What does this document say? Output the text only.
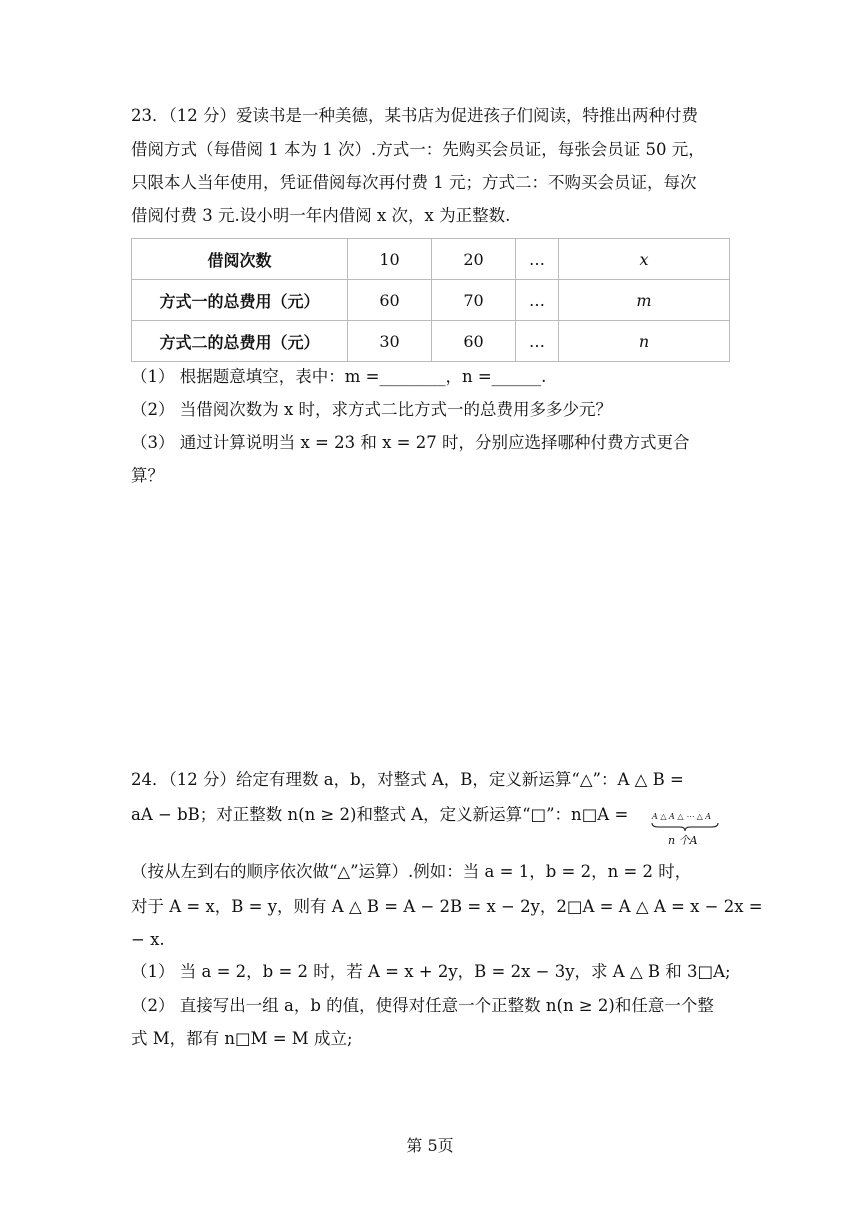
23．（12 分）爱读书是一种美德，某书店为促进孩子们阅读，特推出两种付费
借阅方式（每借阅 1 本为 1 次）.方式一：先购买会员证，每张会员证 50 元，
只限本人当年使用，凭证借阅每次再付费 1 元；方式二：不购买会员证，每次
借阅付费 3 元.设小明一年内借阅 x 次，x 为正整数.
借阅次数	10	20	…	x
方式一的总费用（元）	60	70	…	m
方式二的总费用（元）	30	60	…	n
（1） 根据题意填空，表中：m =________，n =______.
（2） 当借阅次数为 x 时，求方式二比方式一的总费用多多少元？
（3） 通过计算说明当 x = 23 和 x = 27 时，分别应选择哪种付费方式更合
算？
24．（12 分）给定有理数 a，b，对整式 A，B，定义新运算“△”：A △ B =
aA − bB；对正整数 n(n ≥ 2)和整式 A，定义新运算“□”：n□A =	A △ A △ ⋯ △ A
n 个A
（按从左到右的顺序依次做“△”运算）.例如：当 a = 1，b = 2，n = 2 时，
对于 A = x，B = y，则有 A △ B = A − 2B = x − 2y，2□A = A △ A = x − 2x =
− x.
（1） 当 a = 2，b = 2 时，若 A = x + 2y，B = 2x − 3y，求 A △ B 和 3□A;
（2） 直接写出一组 a，b 的值，使得对任意一个正整数 n(n ≥ 2)和任意一个整
式 M，都有 n□M = M 成立;
第 5页
